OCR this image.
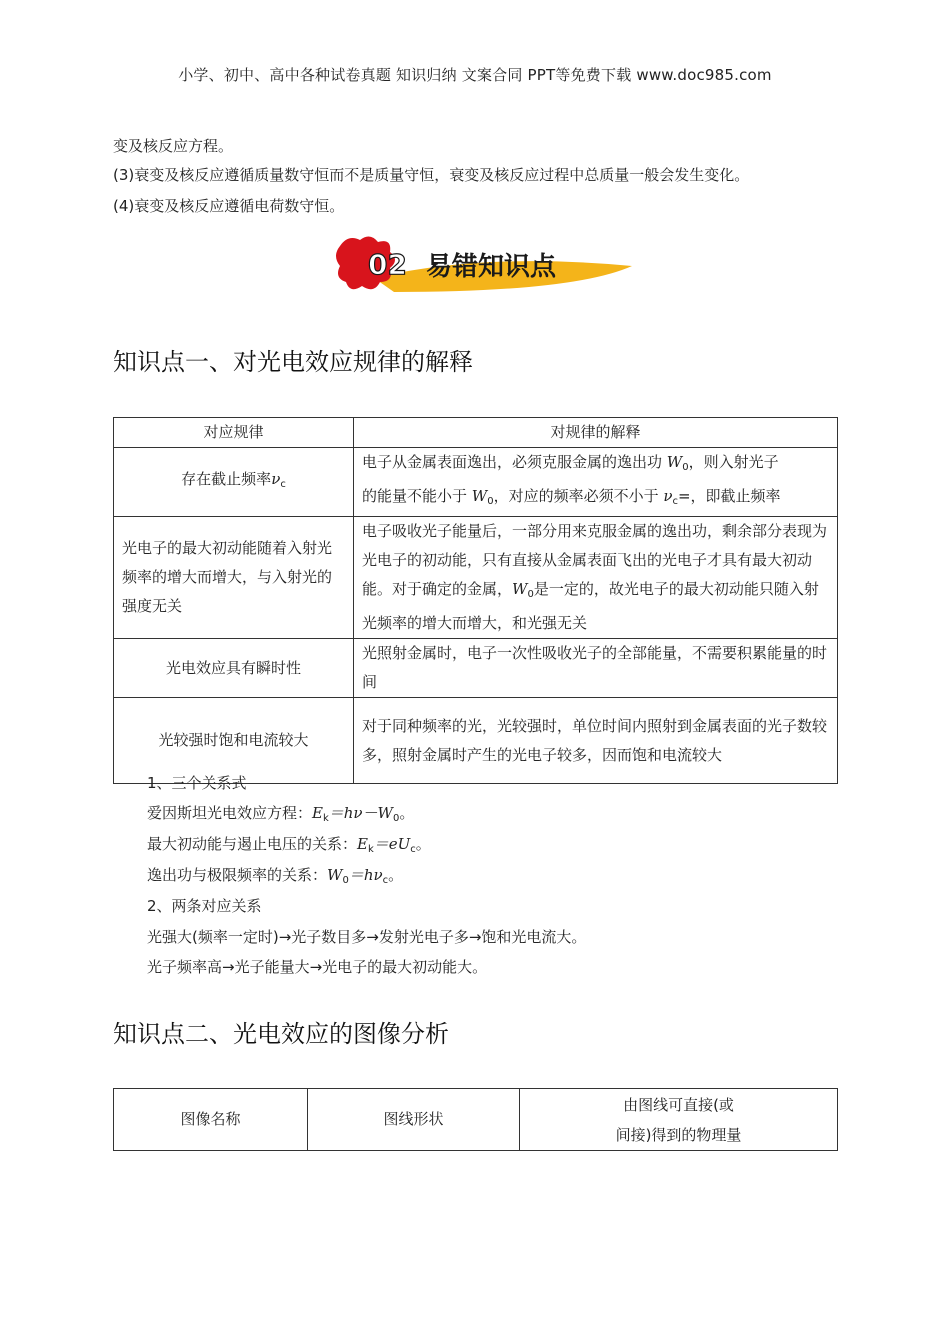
小学、初中、高中各种试卷真题 知识归纳 文案合同 PPT等免费下载 www.doc985.com
变及核反应方程。
(3)衰变及核反应遵循质量数守恒而不是质量守恒，衰变及核反应过程中总质量一般会发生变化。
(4)衰变及核反应遵循电荷数守恒。
02 易错知识点
知识点一、对光电效应规律的解释
对应规律	对规律的解释
存在截止频率$\nu_c$	电子从金属表面逸出，必须克服金属的逸出功 $W_0$，则入射光子
的能量不能小于 $W_0$，对应的频率必须不小于 $\nu_c=$，即截止频率
光电子的最大初动能随着入射光频率的增大而增大，与入射光的强度无关	电子吸收光子能量后，一部分用来克服金属的逸出功，剩余部分表现为光电子的初动能，只有直接从金属表面飞出的光电子才具有最大初动能。对于确定的金属，$W_0$是一定的，故光电子的最大初动能只随入射光频率的增大而增大，和光强无关
光电效应具有瞬时性	光照射金属时，电子一次性吸收光子的全部能量，不需要积累能量的时间
光较强时饱和电流较大	对于同种频率的光，光较强时，单位时间内照射到金属表面的光子数较多，照射金属时产生的光电子较多，因而饱和电流较大
1、三个关系式
爱因斯坦光电效应方程：$E_k=h\nu-W_0$。
最大初动能与遏止电压的关系：$E_k=eU_c$。
逸出功与极限频率的关系：$W_0=h\nu_c$。
2、两条对应关系
光强大(频率一定时)→光子数目多→发射光电子多→饱和光电流大。
光子频率高→光子能量大→光电子的最大初动能大。
知识点二、光电效应的图像分析
图像名称	图线形状	由图线可直接(或
间接)得到的物理量
